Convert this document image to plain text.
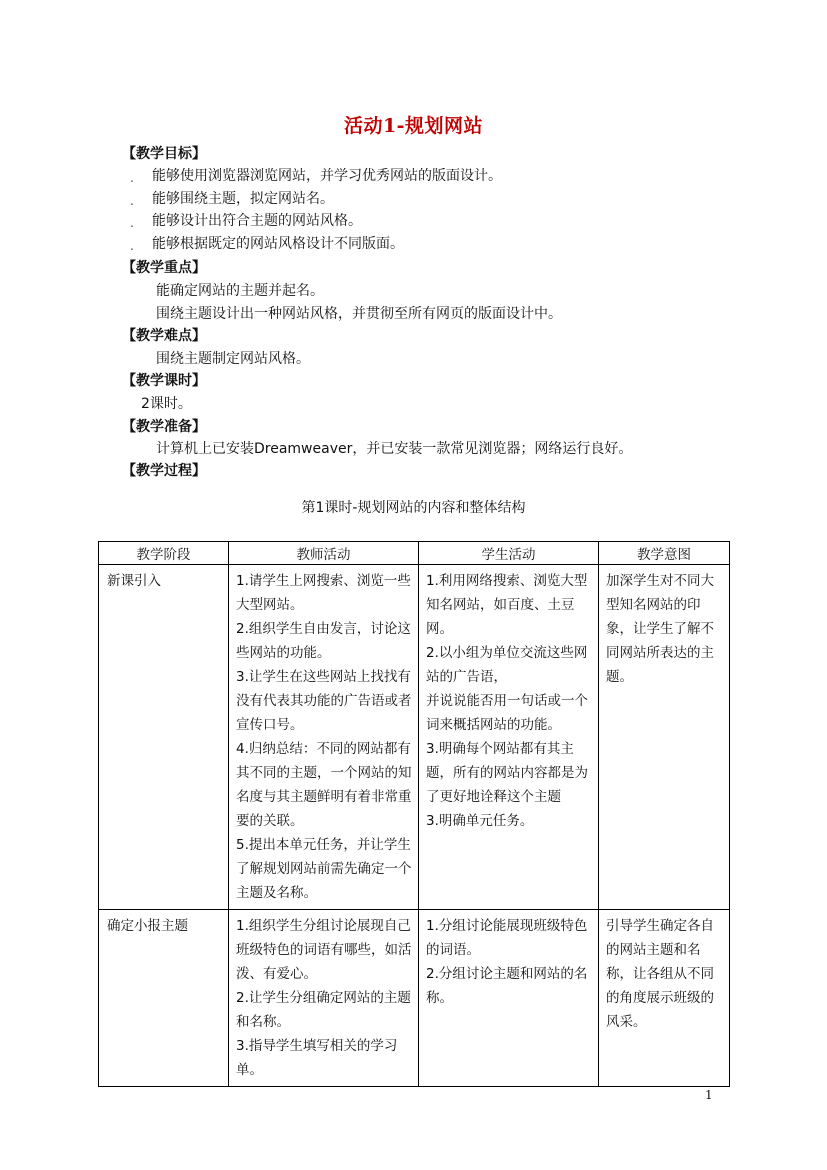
活动1-规划网站
【教学目标】
.	能够使用浏览器浏览网站，并学习优秀网站的版面设计。
.	能够围绕主题，拟定网站名。
.	能够设计出符合主题的网站风格。
.	能够根据既定的网站风格设计不同版面。
【教学重点】
能确定网站的主题并起名。
围绕主题设计出一种网站风格，并贯彻至所有网页的版面设计中。
【教学难点】
围绕主题制定网站风格。
【教学课时】
2课时。
【教学准备】
计算机上已安装Dreamweaver，并已安装一款常见浏览器；网络运行良好。
【教学过程】
第1课时-规划网站的内容和整体结构
教学阶段	教师活动	学生活动	教学意图
新课引入	1.请学生上网搜索、浏览一些大型网站。
2.组织学生自由发言，讨论这些网站的功能。
3.让学生在这些网站上找找有没有代表其功能的广告语或者宣传口号。
4.归纳总结：不同的网站都有其不同的主题，一个网站的知名度与其主题鲜明有着非常重要的关联。
5.提出本单元任务，并让学生了解规划网站前需先确定一个主题及名称。	1.利用网络搜索、浏览大型知名网站，如百度、土豆网。
2.以小组为单位交流这些网站的广告语，
并说说能否用一句话或一个词来概括网站的功能。
3.明确每个网站都有其主题，所有的网站内容都是为了更好地诠释这个主题
3.明确单元任务。	加深学生对不同大型知名网站的印象，让学生了解不同网站所表达的主题。
确定小报主题	1.组织学生分组讨论展现自己班级特色的词语有哪些，如活泼、有爱心。
2.让学生分组确定网站的主题和名称。
3.指导学生填写相关的学习单。	1.分组讨论能展现班级特色的词语。
2.分组讨论主题和网站的名称。	引导学生确定各自的网站主题和名称，让各组从不同的角度展示班级的风采。
1
